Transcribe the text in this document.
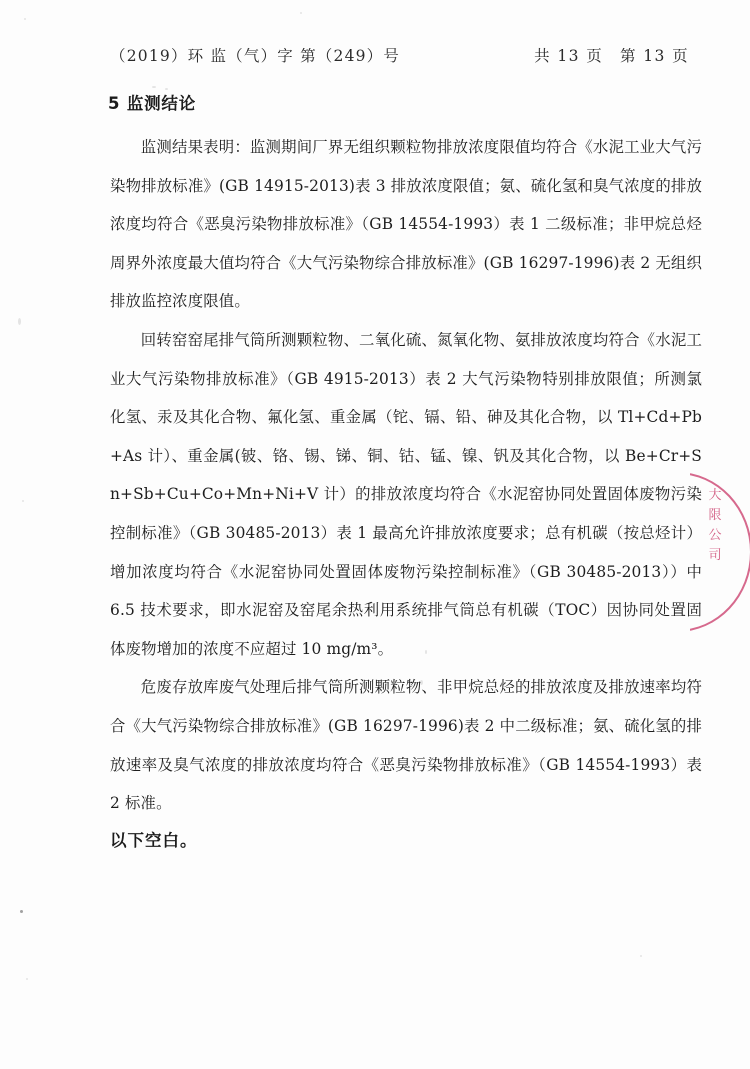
（2019）环 监（气）字 第（249）号	共 13 页　第 13 页
5 监测结论

监测结果表明：监测期间厂界无组织颗粒物排放浓度限值均符合《水泥工业大气污染物排放标准》(GB 14915-2013)表 3 排放浓度限值；氨、硫化氢和臭气浓度的排放浓度均符合《恶臭污染物排放标准》（GB 14554-1993）表 1 二级标准；非甲烷总烃周界外浓度最大值均符合《大气污染物综合排放标准》(GB 16297-1996)表 2 无组织排放监控浓度限值。

回转窑窑尾排气筒所测颗粒物、二氧化硫、氮氧化物、氨排放浓度均符合《水泥工业大气污染物排放标准》（GB 4915-2013）表 2 大气污染物特别排放限值；所测氯化氢、汞及其化合物、氟化氢、重金属（铊、镉、铅、砷及其化合物，以 Tl+Cd+Pb+As 计）、重金属(铍、铬、锡、锑、铜、钴、锰、镍、钒及其化合物，以 Be+Cr+Sn+Sb+Cu+Co+Mn+Ni+V 计）的排放浓度均符合《水泥窑协同处置固体废物污染控制标准》（GB 30485-2013）表 1 最高允许排放浓度要求；总有机碳（按总烃计）增加浓度均符合《水泥窑协同处置固体废物污染控制标准》（GB 30485-2013））中 6.5 技术要求，即水泥窑及窑尾余热利用系统排气筒总有机碳（TOC）因协同处置固体废物增加的浓度不应超过 10 mg/m³。

危废存放库废气处理后排气筒所测颗粒物、非甲烷总烃的排放浓度及排放速率均符合《大气污染物综合排放标准》(GB 16297-1996)表 2 中二级标准；氨、硫化氢的排放速率及臭气浓度的排放浓度均符合《恶臭污染物排放标准》（GB 14554-1993）表 2 标准。

以下空白。
大
限
公
司
